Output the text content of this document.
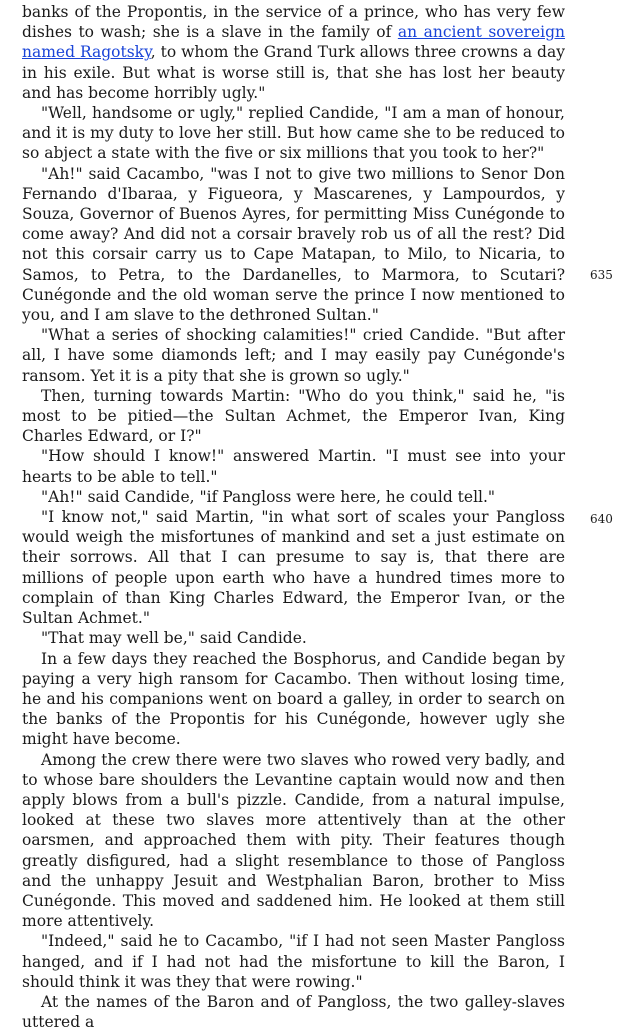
banks of the Propontis, in the service of a prince, who has very few dishes to wash; she is a slave in the family of an ancient sovereign named Ragotsky, to whom the Grand Turk allows three crowns a day in his exile. But what is worse still is, that she has lost her beauty and has become horribly ugly."

"Well, handsome or ugly," replied Candide, "I am a man of honour, and it is my duty to love her still. But how came she to be reduced to so abject a state with the five or six millions that you took to her?"

"Ah!" said Cacambo, "was I not to give two millions to Senor Don Fernando d'Ibaraa, y Figueora, y Mascarenes, y Lampourdos, y Souza, Governor of Buenos Ayres, for permitting Miss Cunégonde to come away? And did not a corsair bravely rob us of all the rest? Did not this corsair carry us to Cape Matapan, to Milo, to Nicaria, to Samos, to Petra, to the Dardanelles, to Marmora, to Scutari? Cunégonde and the old woman serve the prince I now mentioned to you, and I am slave to the dethroned Sultan."

"What a series of shocking calamities!" cried Candide. "But after all, I have some diamonds left; and I may easily pay Cunégonde's ransom. Yet it is a pity that she is grown so ugly."

Then, turning towards Martin: "Who do you think," said he, "is most to be pitied—the Sultan Achmet, the Emperor Ivan, King Charles Edward, or I?"

"How should I know!" answered Martin. "I must see into your hearts to be able to tell."

"Ah!" said Candide, "if Pangloss were here, he could tell."

"I know not," said Martin, "in what sort of scales your Pangloss would weigh the misfortunes of mankind and set a just estimate on their sorrows. All that I can presume to say is, that there are millions of people upon earth who have a hundred times more to complain of than King Charles Edward, the Emperor Ivan, or the Sultan Achmet."

"That may well be," said Candide.

In a few days they reached the Bosphorus, and Candide began by paying a very high ransom for Cacambo. Then without losing time, he and his companions went on board a galley, in order to search on the banks of the Propontis for his Cunégonde, however ugly she might have become.

Among the crew there were two slaves who rowed very badly, and to whose bare shoulders the Levantine captain would now and then apply blows from a bull's pizzle. Candide, from a natural impulse, looked at these two slaves more attentively than at the other oarsmen, and approached them with pity. Their features though greatly disfigured, had a slight resemblance to those of Pangloss and the unhappy Jesuit and Westphalian Baron, brother to Miss Cunégonde. This moved and saddened him. He looked at them still more attentively.

"Indeed," said he to Cacambo, "if I had not seen Master Pangloss hanged, and if I had not had the misfortune to kill the Baron, I should think it was they that were rowing."

At the names of the Baron and of Pangloss, the two galley-slaves uttered a

635
640
